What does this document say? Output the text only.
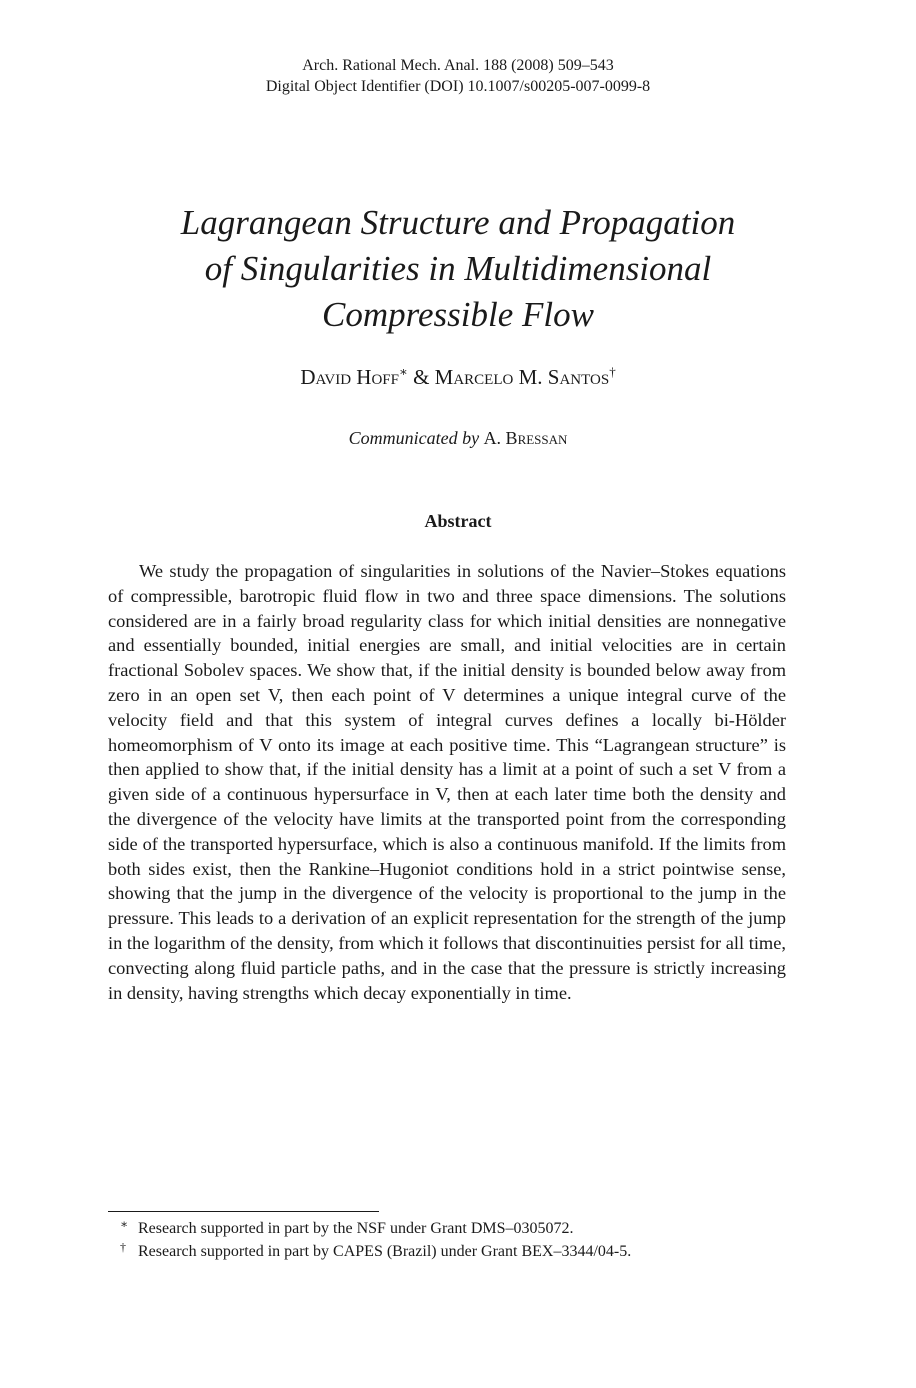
Arch. Rational Mech. Anal. 188 (2008) 509–543
Digital Object Identifier (DOI) 10.1007/s00205-007-0099-8
Lagrangean Structure and Propagation
of Singularities in Multidimensional
Compressible Flow
David Hoff∗ & Marcelo M. Santos†
Communicated by A. Bressan
Abstract
We study the propagation of singularities in solutions of the Navier–Stokes equations of compressible, barotropic fluid flow in two and three space dimensions. The solutions considered are in a fairly broad regularity class for which initial densities are nonnegative and essentially bounded, initial energies are small, and initial velocities are in certain fractional Sobolev spaces. We show that, if the initial density is bounded below away from zero in an open set V, then each point of V determines a unique integral curve of the velocity field and that this system of integral curves defines a locally bi-Hölder homeomorphism of V onto its image at each positive time. This “Lagrangean structure” is then applied to show that, if the initial density has a limit at a point of such a set V from a given side of a continuous hypersurface in V, then at each later time both the density and the divergence of the velocity have limits at the transported point from the corresponding side of the transported hypersurface, which is also a continuous manifold. If the limits from both sides exist, then the Rankine–Hugoniot conditions hold in a strict pointwise sense, showing that the jump in the divergence of the velocity is proportional to the jump in the pressure. This leads to a derivation of an explicit representation for the strength of the jump in the logarithm of the density, from which it follows that discontinuities persist for all time, convecting along fluid particle paths, and in the case that the pressure is strictly increasing in density, having strengths which decay exponentially in time.
∗ Research supported in part by the NSF under Grant DMS–0305072.
† Research supported in part by CAPES (Brazil) under Grant BEX–3344/04-5.
